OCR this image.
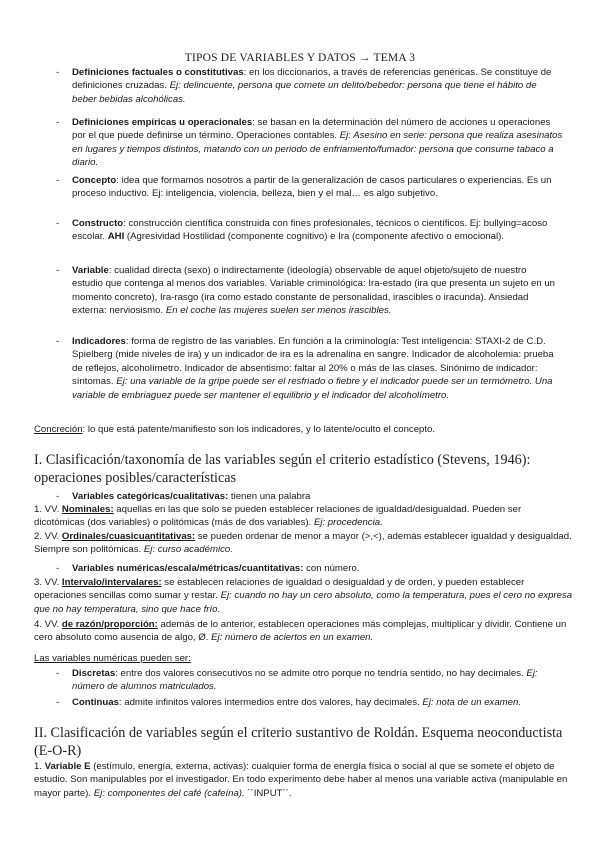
TIPOS DE VARIABLES Y DATOS → TEMA 3
- Definiciones factuales o constitutivas: en los diccionarios, a través de referencias genéricas. Se constituye de definiciones cruzadas. Ej: delincuente, persona que comete un delito/bebedor: persona que tiene el hábito de beber bebidas alcohólicas.
- Definiciones empíricas u operacionales: se basan en la determinación del número de acciones u operaciones por el que puede definirse un término. Operaciones contables. Ej: Asesino en serie: persona que realiza asesinatos en lugares y tiempos distintos, matando con un periodo de enfriamiento/fumador: persona que consume tabaco a diario.
- Concepto: idea que formamos nosotros a partir de la generalización de casos particulares o experiencias. Es un proceso inductivo. Ej: inteligencia, violencia, belleza, bien y el mal… es algo subjetivo.
- Constructo: construcción científica construida con fines profesionales, técnicos o científicos. Ej: bullying=acoso escolar. AHI (Agresividad Hostilidad (componente cognitivo) e Ira (componente afectivo o emocional).
- Variable: cualidad directa (sexo) o indirectamente (ideología) observable de aquel objeto/sujeto de nuestro estudio que contenga al menos dos variables. Variable criminológica: Ira-estado (ira que presenta un sujeto en un momento concreto), Ira-rasgo (ira como estado constante de personalidad, irascibles o iracunda). Ansiedad externa: nerviosismo. En el coche las mujeres suelen ser menos irascibles.
- Indicadores: forma de registro de las variables. En función a la criminología: Test inteligencia: STAXI-2 de C.D. Spielberg (mide niveles de ira) y un indicador de ira es la adrenalina en sangre. Indicador de alcoholemia: prueba de reflejos, alcoholímetro. Indicador de absentismo: faltar al 20% o más de las clases. Sinónimo de indicador: síntomas. Ej: una variable de la gripe puede ser el resfriado o fiebre y el indicador puede ser un termómetro. Una variable de embriaguez puede ser mantener el equilibrio y el indicador del alcoholímetro.
Concreción: lo que está patente/manifiesto son los indicadores, y lo latente/oculto el concepto.
I. Clasificación/taxonomía de las variables según el criterio estadístico (Stevens, 1946): operaciones posibles/características
- Variables categóricas/cualitativas: tienen una palabra
1. VV. Nominales: aquellas en las que solo se pueden establecer relaciones de igualdad/desigualdad. Pueden ser dicotómicas (dos variables) o politómicas (más de dos variables). Ej: procedencia.
2. VV. Ordinales/cuasicuantitativas: se pueden ordenar de menor a mayor (>,<), además establecer igualdad y desigualdad. Siempre son politómicas. Ej: curso académico.
- Variables numéricas/escala/métricas/cuantitativas: con número.
3. VV. Intervalo/intervalares: se establecen relaciones de igualdad o desigualdad y de orden, y pueden establecer operaciones sencillas como sumar y restar. Ej: cuando no hay un cero absoluto, como la temperatura, pues el cero no expresa que no hay temperatura, sino que hace frío.
4. VV. de razón/proporción: además de lo anterior, establecen operaciones más complejas, multiplicar y dividir. Contiene un cero absoluto como ausencia de algo, Ø. Ej: número de aciertos en un examen.
Las variables numéricas pueden ser:
- Discretas: entre dos valores consecutivos no se admite otro porque no tendría sentido, no hay decimales. Ej: número de alumnos matriculados.
- Continuas: admite infinitos valores intermedios entre dos valores, hay decimales. Ej: nota de un examen.
II. Clasificación de variables según el criterio sustantivo de Roldán. Esquema neoconductista (E-O-R)
1. Variable E (estímulo, energía, externa, activas): cualquier forma de energía física o social al que se somete el objeto de estudio. Son manipulables por el investigador. En todo experimento debe haber al menos una variable activa (manipulable en mayor parte). Ej: componentes del café (cafeína). ´´INPUT´´.
